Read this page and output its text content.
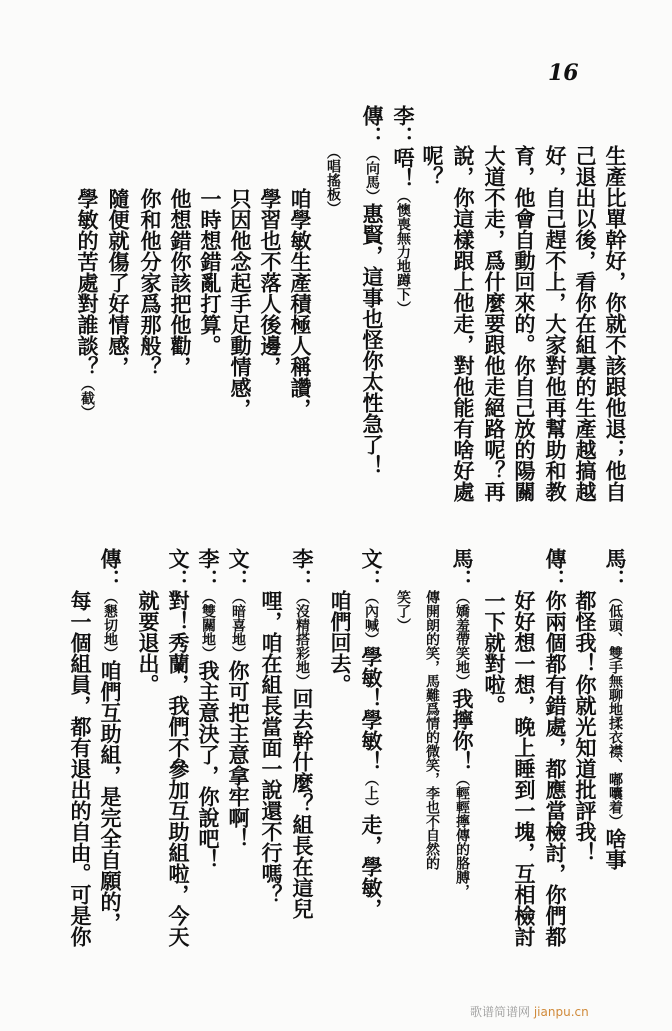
16
生產比單幹好，你就不該跟他退；他自
己退出以後，看你在組裏的生產越搞越
好，自己趕不上，大家對他再幫助和教
育，他會自動回來的。你自己放的陽關
大道不走，爲什麼要跟他走絕路呢？再
說，你這樣跟上他走，對他能有啥好處
呢？
李：唔！（懊喪無力地蹲下）
傳：（向馬）惠賢，這事也怪你太性急了！
（唱搖板）
咱學敏生產積極人稱讚，
學習也不落人後邊，
只因他念起手足動情感，
一時想錯亂打算。
他想錯你該把他勸，
你和他分家爲那般？
隨便就傷了好情感，
學敏的苦處對誰談？（截）
馬：（低頭、雙手無聊地揉衣襟、嘟囔着）啥事
都怪我！你就光知道批評我！
傳：你兩個都有錯處，都應當檢討，你們都
好好想一想，晚上睡到一塊，互相檢討
一下就對啦。
馬：（嬌羞帶笑地）我擰你！（輕輕擰傳的胳膊，
傳開朗的笑，馬難爲情的微笑，李也不自然的
笑了）
文：（內喊）學敏！學敏！（上）走，學敏，
咱們回去。
李：（沒精搭彩地）回去幹什麼？組長在這兒
哩，咱在組長當面一說還不行嗎？
文：（暗喜地）你可把主意拿牢啊！
李：（雙關地）我主意決了，你說吧！
文：對！秀蘭，我們不參加互助組啦，今天
就要退出。
傳：（懇切地）咱們互助組，是完全自願的，
每一個組員，都有退出的自由。可是你
歌谱简谱网 jianpu.cn
